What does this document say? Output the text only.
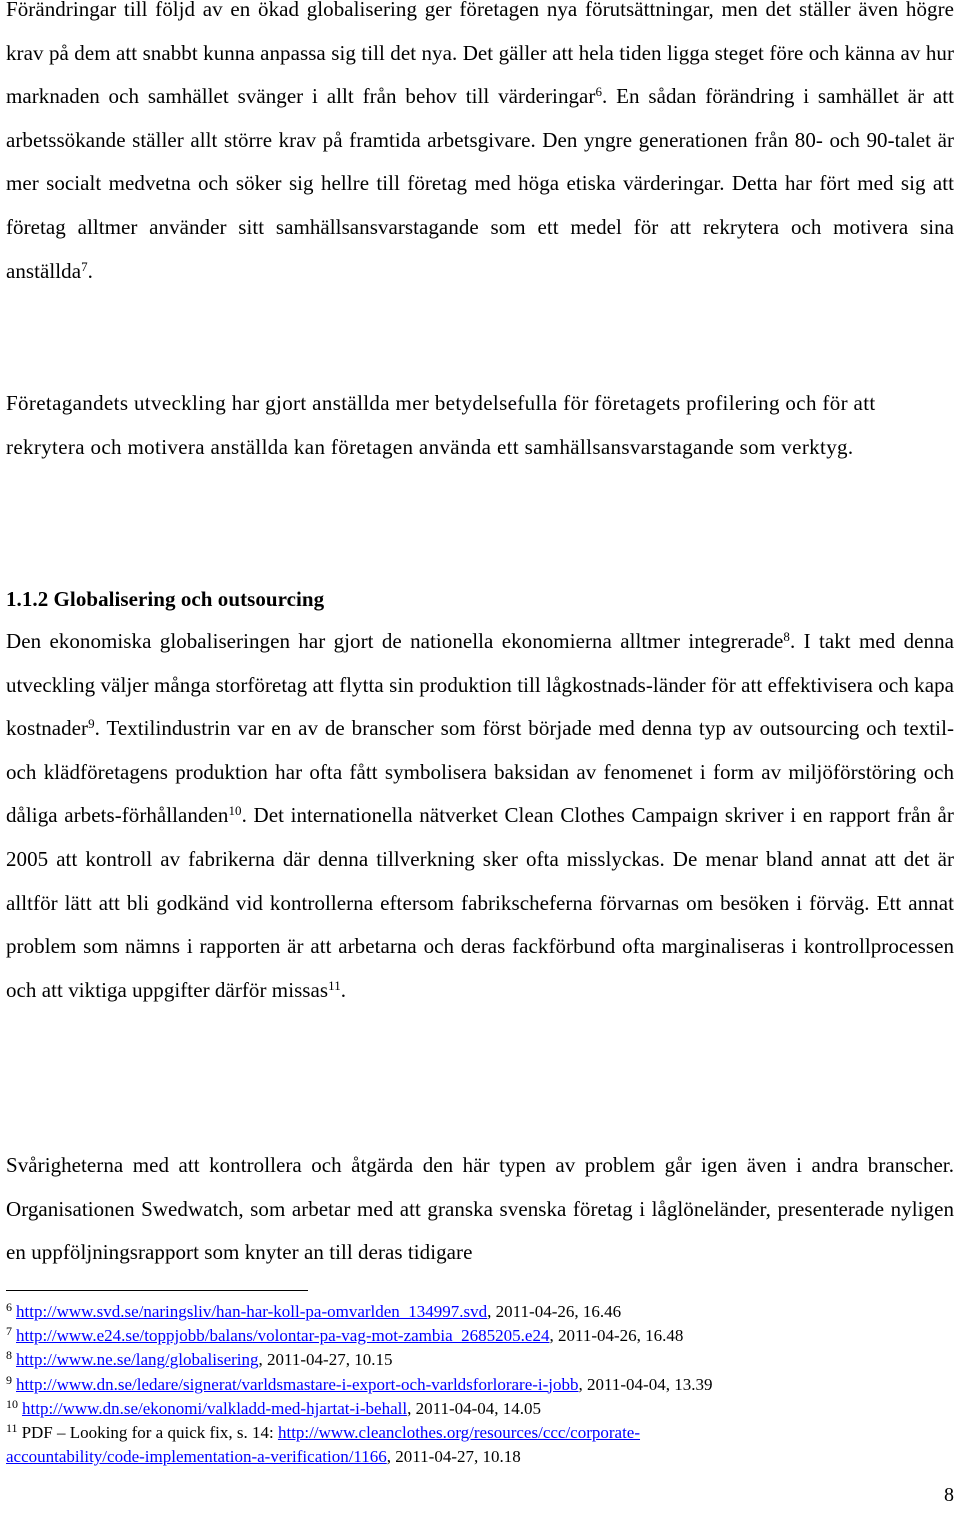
Förändringar till följd av en ökad globalisering ger företagen nya förutsättningar, men det ställer även högre krav på dem att snabbt kunna anpassa sig till det nya. Det gäller att hela tiden ligga steget före och känna av hur marknaden och samhället svänger i allt från behov till värderingar$^6$. En sådan förändring i samhället är att arbetssökande ställer allt större krav på framtida arbetsgivare. Den yngre generationen från 80- och 90-talet är mer socialt medvetna och söker sig hellre till företag med höga etiska värderingar. Detta har fört med sig att företag alltmer använder sitt samhällsansvarstagande som ett medel för att rekrytera och motivera sina anställda$^7$.

Företagandets utveckling har gjort anställda mer betydelsefulla för företagets profilering och för att rekrytera och motivera anställda kan företagen använda ett samhällsansvarstagande som verktyg.

1.1.2 Globalisering och outsourcing

Den ekonomiska globaliseringen har gjort de nationella ekonomierna alltmer integrerade$^8$. I takt med denna utveckling väljer många storföretag att flytta sin produktion till lågkostnads-länder för att effektivisera och kapa kostnader$^9$. Textilindustrin var en av de branscher som först började med denna typ av outsourcing och textil- och klädföretagens produktion har ofta fått symbolisera baksidan av fenomenet i form av miljöförstöring och dåliga arbets-förhållanden$^{10}$. Det internationella nätverket Clean Clothes Campaign skriver i en rapport från år 2005 att kontroll av fabrikerna där denna tillverkning sker ofta misslyckas. De menar bland annat att det är alltför lätt att bli godkänd vid kontrollerna eftersom fabrikscheferna förvarnas om besöken i förväg. Ett annat problem som nämns i rapporten är att arbetarna och deras fackförbund ofta marginaliseras i kontrollprocessen och att viktiga uppgifter därför missas$^{11}$.

Svårigheterna med att kontrollera och åtgärda den här typen av problem går igen även i andra branscher. Organisationen Swedwatch, som arbetar med att granska svenska företag i låglöneländer, presenterade nyligen en uppföljningsrapport som knyter an till deras tidigare

$^6$ http://www.svd.se/naringsliv/han-har-koll-pa-omvarlden_134997.svd, 2011-04-26, 16.46
$^7$ http://www.e24.se/toppjobb/balans/volontar-pa-vag-mot-zambia_2685205.e24, 2011-04-26, 16.48
$^8$ http://www.ne.se/lang/globalisering, 2011-04-27, 10.15
$^9$ http://www.dn.se/ledare/signerat/varldsmastare-i-export-och-varldsforlorare-i-jobb, 2011-04-04, 13.39
$^{10}$ http://www.dn.se/ekonomi/valkladd-med-hjartat-i-behall, 2011-04-04, 14.05
$^{11}$ PDF – Looking for a quick fix, s. 14: http://www.cleanclothes.org/resources/ccc/corporate-
accountability/code-implementation-a-verification/1166, 2011-04-27, 10.18
8
